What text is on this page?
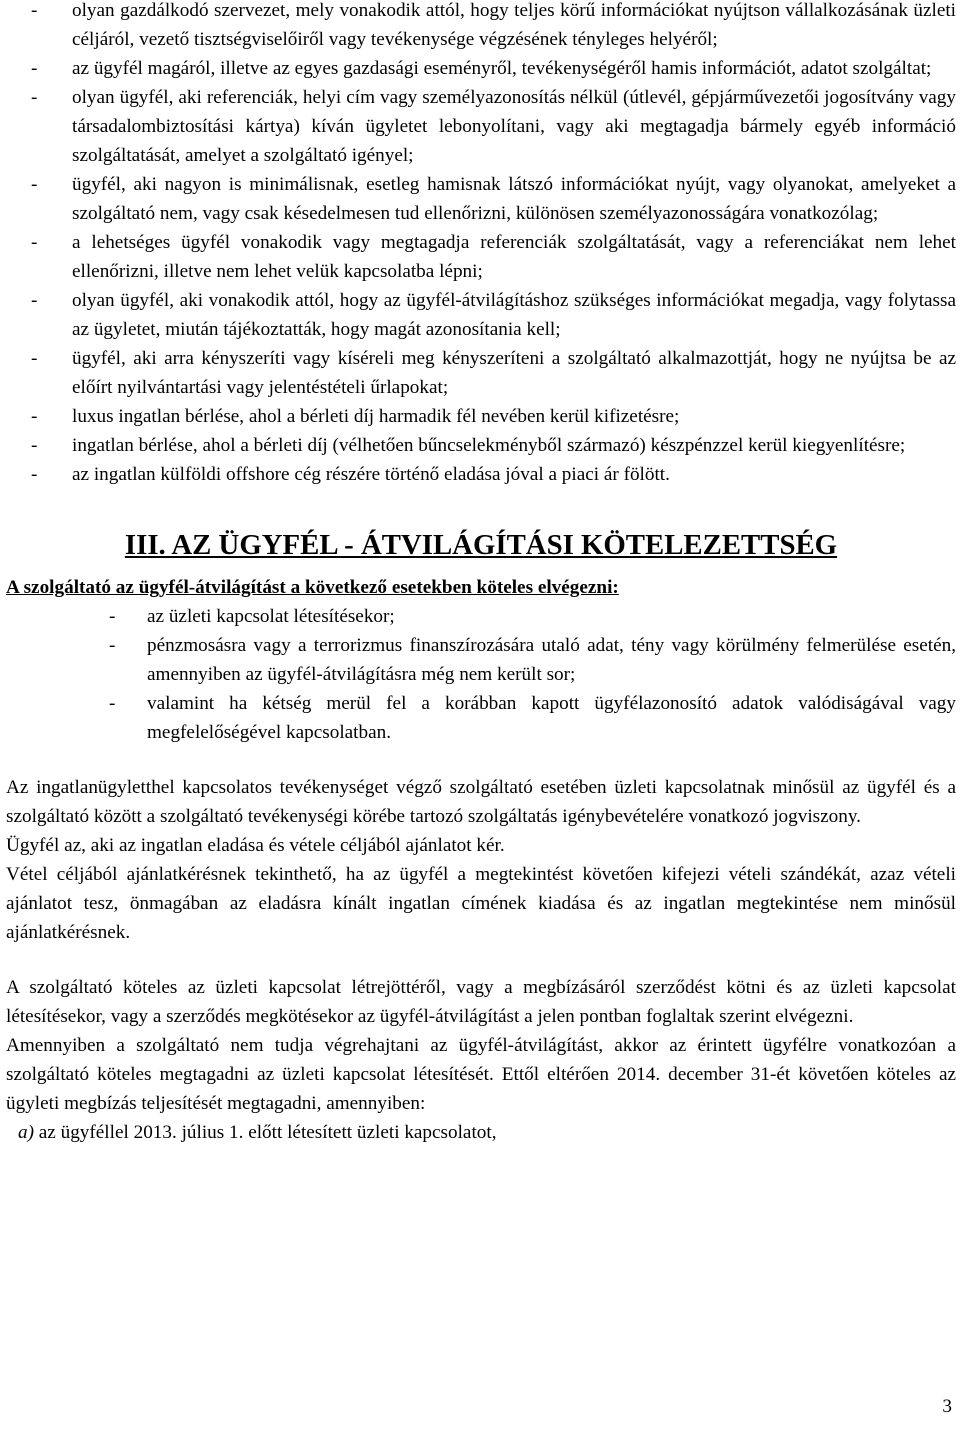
- olyan gazdálkodó szervezet, mely vonakodik attól, hogy teljes körű információkat nyújtson vállalkozásának üzleti céljáról, vezető tisztségviselőiről vagy tevékenysége végzésének tényleges helyéről;
- az ügyfél magáról, illetve az egyes gazdasági eseményről, tevékenységéről hamis információt, adatot szolgáltat;
- olyan ügyfél, aki referenciák, helyi cím vagy személyazonosítás nélkül (útlevél, gépjárművezetői jogosítvány vagy társadalombiztosítási kártya) kíván ügyletet lebonyolítani, vagy aki megtagadja bármely egyéb információ szolgáltatását, amelyet a szolgáltató igényel;
- ügyfél, aki nagyon is minimálisnak, esetleg hamisnak látszó információkat nyújt, vagy olyanokat, amelyeket a szolgáltató nem, vagy csak késedelmesen tud ellenőrizni, különösen személyazonosságára vonatkozólag;
- a lehetséges ügyfél vonakodik vagy megtagadja referenciák szolgáltatását, vagy a referenciákat nem lehet ellenőrizni, illetve nem lehet velük kapcsolatba lépni;
- olyan ügyfél, aki vonakodik attól, hogy az ügyfél-átvilágításhoz szükséges információkat megadja, vagy folytassa az ügyletet, miután tájékoztatták, hogy magát azonosítania kell;
- ügyfél, aki arra kényszeríti vagy kísérelі meg kényszeríteni a szolgáltató alkalmazottját, hogy ne nyújtsa be az előírt nyilvántartási vagy jelentéstételi űrlapokat;
- luxus ingatlan bérlése, ahol a bérleti díj harmadik fél nevében kerül kifizetésre;
- ingatlan bérlése, ahol a bérleti díj (vélhetően bűncselekményből származó) készpénzzel kerül kiegyenlítésre;
- az ingatlan külföldi offshore cég részére történő eladása jóval a piaci ár fölött.
III. AZ ÜGYFÉL - ÁTVILÁGÍTÁSI KÖTELEZETTSÉG

A szolgáltató az ügyfél-átvilágítást a következő esetekben köteles elvégezni:

- az üzleti kapcsolat létesítésekor;
- pénzmosásra vagy a terrorizmus finanszírozására utaló adat, tény vagy körülmény felmerülése esetén, amennyiben az ügyfél-átvilágításra még nem került sor;
- valamint ha kétség merül fel a korábban kapott ügyfélazonosító adatok valódiságával vagy megfelelőségével kapcsolatban.

Az ingatlanügyletthel kapcsolatos tevékenységet végző szolgáltató esetében üzleti kapcsolatnak minősül az ügyfél és a szolgáltató között a szolgáltató tevékenységi körébe tartozó szolgáltatás igénybevételére vonatkozó jogviszony.

Ügyfél az, aki az ingatlan eladása és vétele céljából ajánlatot kér.

Vétel céljából ajánlatkérésnek tekinthető, ha az ügyfél a megtekintést követően kifejezi vételi szándékát, azaz vételi ajánlatot tesz, önmagában az eladásra kínált ingatlan címének kiadása és az ingatlan megtekintése nem minősül ajánlatkérésnek.

A szolgáltató köteles az üzleti kapcsolat létrejöttéről, vagy a megbízásáról szerződést kötni és az üzleti kapcsolat létesítésekor, vagy a szerződés megkötésekor az ügyfél-átvilágítást a jelen pontban foglaltak szerint elvégezni.

Amennyiben a szolgáltató nem tudja végrehajtani az ügyfél-átvilágítást, akkor az érintett ügyfélre vonatkozóan a szolgáltató köteles megtagadni az üzleti kapcsolat létesítését. Ettől eltérően 2014. december 31-ét követően köteles az ügyleti megbízás teljesítését megtagadni, amennyiben:

a) az ügyféllel 2013. július 1. előtt létesített üzleti kapcsolatot,

3
